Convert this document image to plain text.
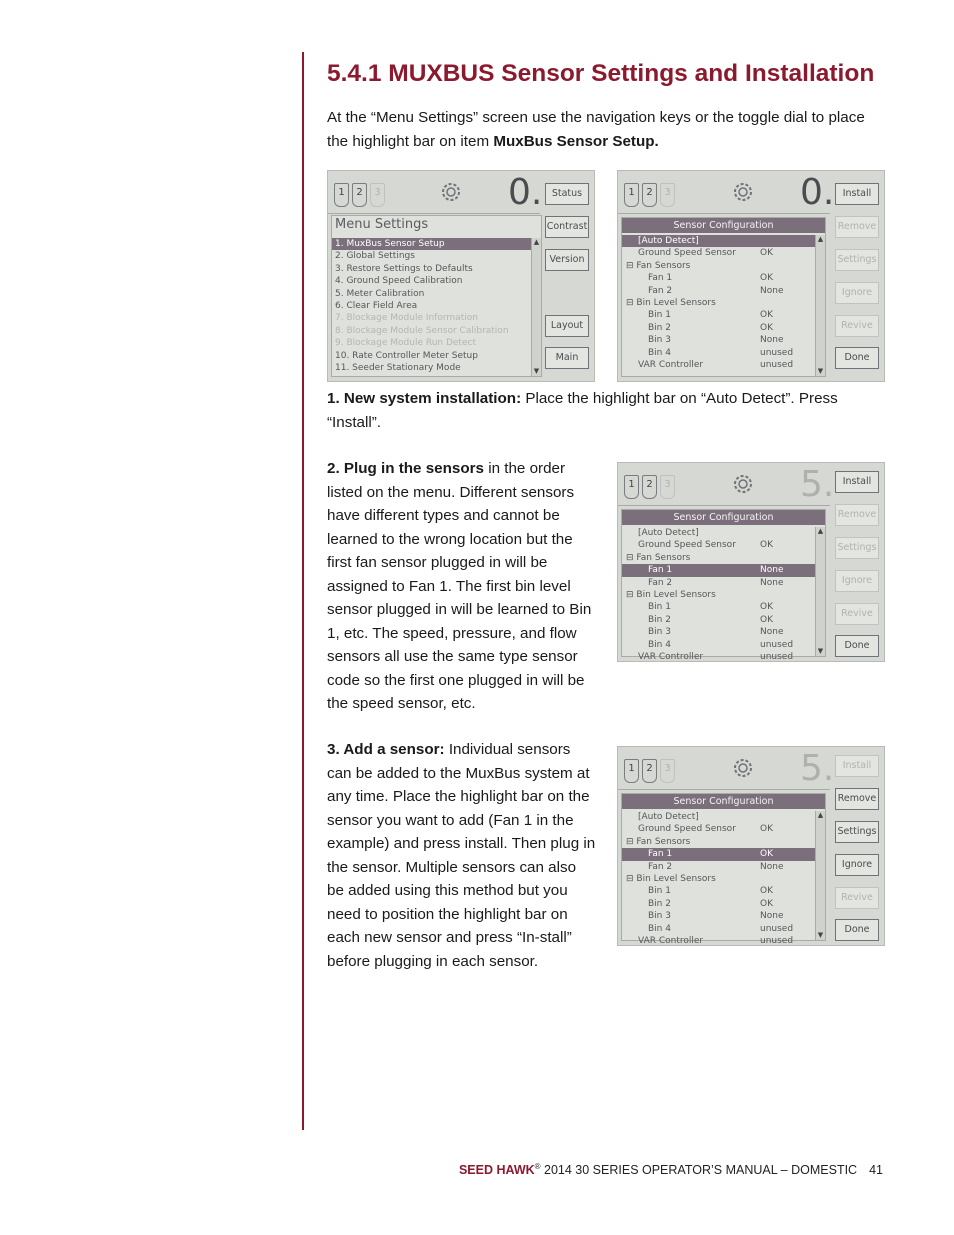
5.4.1 MUXBUS Sensor Settings and Installation

At the “Menu Settings” screen use the navigation keys or the toggle dial to place the highlight bar on item MuxBus Sensor Setup.

1	2	3	0.
Menu Settings
1. MuxBus Sensor Setup
2. Global Settings
3. Restore Settings to Defaults
4. Ground Speed Calibration
5. Meter Calibration
6. Clear Field Area
7. Blockage Module Information
8. Blockage Module Sensor Calibration
9. Blockage Module Run Detect
10. Rate Controller Meter Setup
11. Seeder Stationary Mode
▲
▼
Status
Contrast
Version
Layout
Main
1	2	3	0.
Sensor Configuration
[Auto Detect]
Ground Speed Sensor	OK
⊟ Fan Sensors
Fan 1	OK
Fan 2	None
⊟ Bin Level Sensors
Bin 1	OK
Bin 2	OK
Bin 3	None
Bin 4	unused
VAR Controller	unused
▲
▼
Install
Remove
Settings
Ignore
Revive
Done

1. New system installation: Place the highlight bar on “Auto Detect”. Press “Install”.

2. Plug in the sensors in the order listed on the menu. Different sensors have different types and cannot be learned to the wrong location but the first fan sensor plugged in will be assigned to Fan 1. The first bin level sensor plugged in will be learned to Bin 1, etc. The speed, pressure, and flow sensors all use the same type sensor code so the first one plugged in will be the speed sensor, etc.

1	2	3	5.
Sensor Configuration
[Auto Detect]
Ground Speed Sensor	OK
⊟ Fan Sensors
Fan 1	None
Fan 2	None
⊟ Bin Level Sensors
Bin 1	OK
Bin 2	OK
Bin 3	None
Bin 4	unused
VAR Controller	unused
▲
▼
Install
Remove
Settings
Ignore
Revive
Done

3. Add a sensor: Individual sensors can be added to the MuxBus system at any time. Place the highlight bar on the sensor you want to add (Fan 1 in the example) and press install. Then plug in the sensor. Multiple sensors can also be added using this method but you need to position the highlight bar on each new sensor and press “In-stall” before plugging in each sensor.

1	2	3	5.
Sensor Configuration
[Auto Detect]
Ground Speed Sensor	OK
⊟ Fan Sensors
Fan 1	OK
Fan 2	None
⊟ Bin Level Sensors
Bin 1	OK
Bin 2	OK
Bin 3	None
Bin 4	unused
VAR Controller	unused
▲
▼
Install
Remove
Settings
Ignore
Revive
Done
SEED HAWK® 2014 30 SERIES OPERATOR’S MANUAL – DOMESTIC 41
